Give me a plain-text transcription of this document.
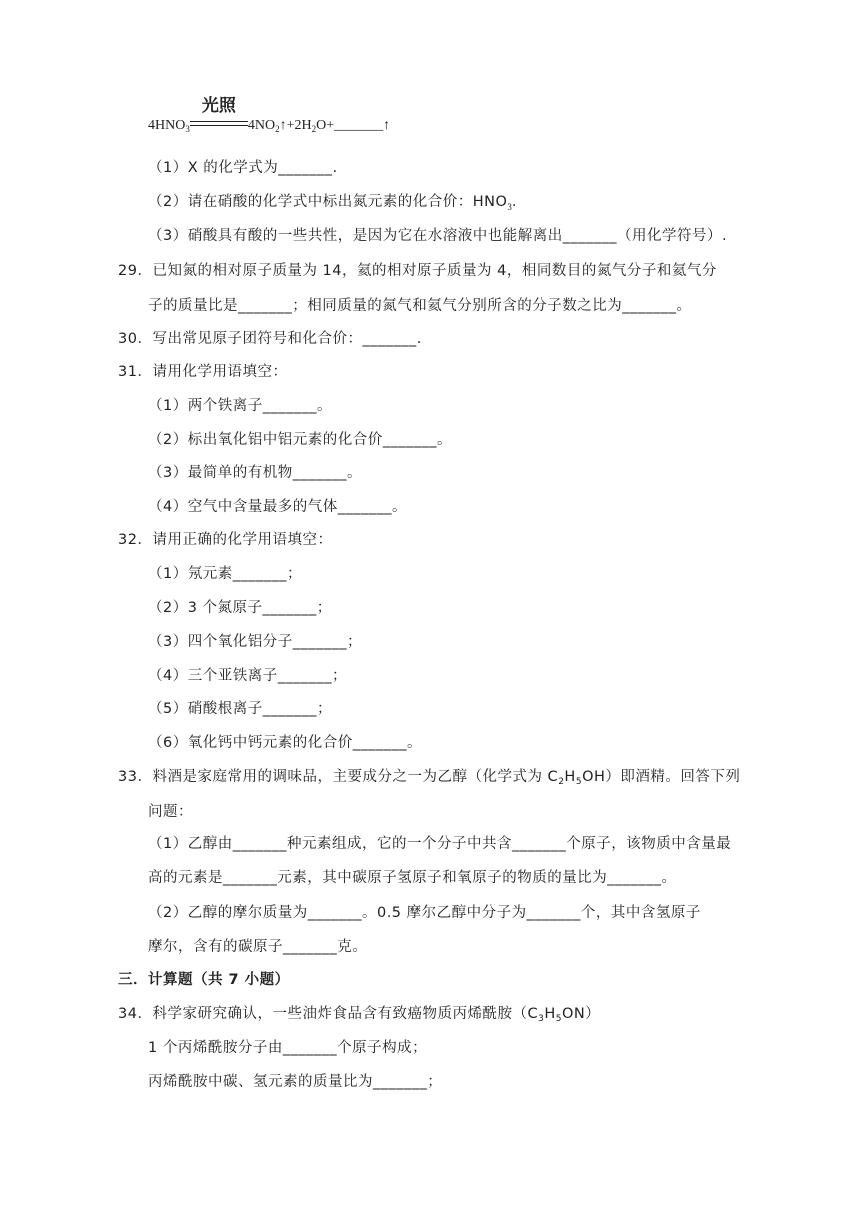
$4HNO_3$
光照
$4NO_2↑+2H_2O+\_\_\_\_\_\_\_↑$
（1）X 的化学式为_______.
（2）请在硝酸的化学式中标出氮元素的化合价：$HNO_3$.
（3）硝酸具有酸的一些共性，是因为它在水溶液中也能解离出_______（用化学符号）.
29．已知氮的相对原子质量为 14，氦的相对原子质量为 4，相同数目的氮气分子和氦气分
子的质量比是_______；相同质量的氮气和氦气分别所含的分子数之比为_______。
30．写出常见原子团符号和化合价：_______.
31．请用化学用语填空：
（1）两个铁离子_______。
（2）标出氧化铝中铝元素的化合价_______。
（3）最简单的有机物_______。
（4）空气中含量最多的气体_______。
32．请用正确的化学用语填空：
（1）氖元素_______；
（2）3 个氮原子_______；
（3）四个氧化铝分子_______；
（4）三个亚铁离子_______；
（5）硝酸根离子_______；
（6）氧化钙中钙元素的化合价_______。
33．料酒是家庭常用的调味品，主要成分之一为乙醇（化学式为 $C_2H_5OH$）即酒精。回答下列
问题：
（1）乙醇由_______种元素组成，它的一个分子中共含_______个原子，该物质中含量最
高的元素是_______元素，其中碳原子氢原子和氧原子的物质的量比为_______。
（2）乙醇的摩尔质量为_______。0.5 摩尔乙醇中分子为_______个，其中含氢原子
摩尔，含有的碳原子_______克。
三．计算题（共 7 小题）
34．科学家研究确认，一些油炸食品含有致癌物质丙烯酰胺$(C_3H_5ON)$
1 个丙烯酰胺分子由_______个原子构成；
丙烯酰胺中碳、氢元素的质量比为_______；
